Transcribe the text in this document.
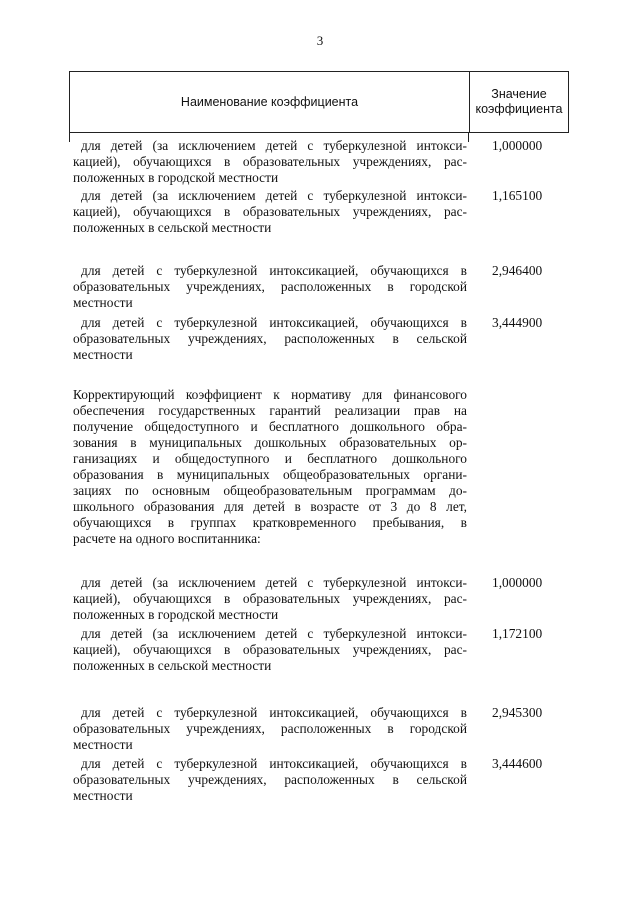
3
Наименование коэффициента
Значение
коэффициента
для детей (за исключением детей с туберкулезной интокси-
кацией), обучающихся в образовательных учреждениях, рас-
положенных в городской местности
1,000000
для детей (за исключением детей с туберкулезной интокси-
кацией), обучающихся в образовательных учреждениях, рас-
положенных в сельской местности
1,165100
для детей с туберкулезной интоксикацией, обучающихся в
образовательных учреждениях, расположенных в городской
местности
2,946400
для детей с туберкулезной интоксикацией, обучающихся в
образовательных учреждениях, расположенных в сельской
местности
3,444900
Корректирующий коэффициент к нормативу для финансового
обеспечения государственных гарантий реализации прав на
получение общедоступного и бесплатного дошкольного обра-
зования в муниципальных дошкольных образовательных ор-
ганизациях и общедоступного и бесплатного дошкольного
образования в муниципальных общеобразовательных органи-
зациях по основным общеобразовательным программам до-
школьного образования для детей в возрасте от 3 до 8 лет,
обучающихся в группах кратковременного пребывания, в
расчете на одного воспитанника:
для детей (за исключением детей с туберкулезной интокси-
кацией), обучающихся в образовательных учреждениях, рас-
положенных в городской местности
1,000000
для детей (за исключением детей с туберкулезной интокси-
кацией), обучающихся в образовательных учреждениях, рас-
положенных в сельской местности
1,172100
для детей с туберкулезной интоксикацией, обучающихся в
образовательных учреждениях, расположенных в городской
местности
2,945300
для детей с туберкулезной интоксикацией, обучающихся в
образовательных учреждениях, расположенных в сельской
местности
3,444600
